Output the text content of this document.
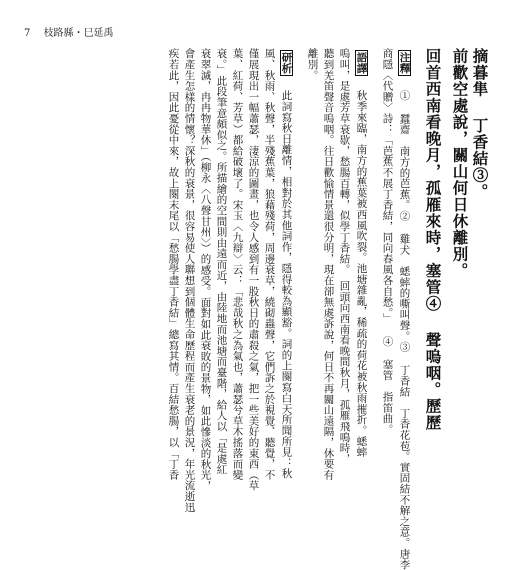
7 枝路縣・巳延禹
摘暮隼 丁香結③。
前歡空處說，關山何日休離別。
回首西南看晚月，孤雁來時，塞管④ 聲嗚咽。歷歷
注釋 ① 蠶齋　南方的芭蕉。② 雞犬　蟋蟀的嘶叫聲。③ 丁香結　丁香花苞。實固結不解之意。唐李
商隱〈代贈〉詩：「芭蕉不展丁香結，同向春風各自愁。」 ④ 塞管　指笛曲。
語譯 秋季來臨，南方的蕉葉被西風吹裂。池塘雜亂，稀疏的荷花被秋雨摧折。蟋蟀
嗚叫，是處芳草衰歇，愁腸百轉，似學丁香結。　回頭向西南看晚間秋月，孤雁飛鳴時，
聽到羌笛聲音嗚咽。往日歡愉情景還很分明，現在卻無處訴說，何日不再關山遠隔，休要有
離別。
研析 此詞寫秋日離情，相對於其他詞作，隱得較為顯豁。詞的上闋寫白天所聞所見：秋
風、秋雨、秋聲，半殘蕉葉，狼藉殘荷，周邊衰草，繞砌蟲聲，它們訴之於視覺、聽覺，不
僅展現出一幅蕭瑟，淒涼的圖畫，也令人感到有一股秋日的肅殺之氣，把一些美好的東西（草
葉、紅荷、芳草）都給破壞了。宋玉〈九辯〉云：「悲哉秋之為氣也，蕭瑟兮草木搖落而變
衰。」此段筆意頗似之。所描繪的空間則由遠而近，由陸地而池塘而臺階，給人以「是處紅
衰翠滅，冉冉物華休」（柳永〈八聲甘州〉）的感受。面對如此衰敗的景物，如此慘淡的秋光，
會產生怎樣的情懷？深秋的衰景，很容易使人聯想到個體生命歷程而產生衰老的景況，年光流逝迅
疾若此，因此憂從中來，故上闋末尾以「愁腸學盡丁香結」總寫其情。百結愁腸，以「丁香
